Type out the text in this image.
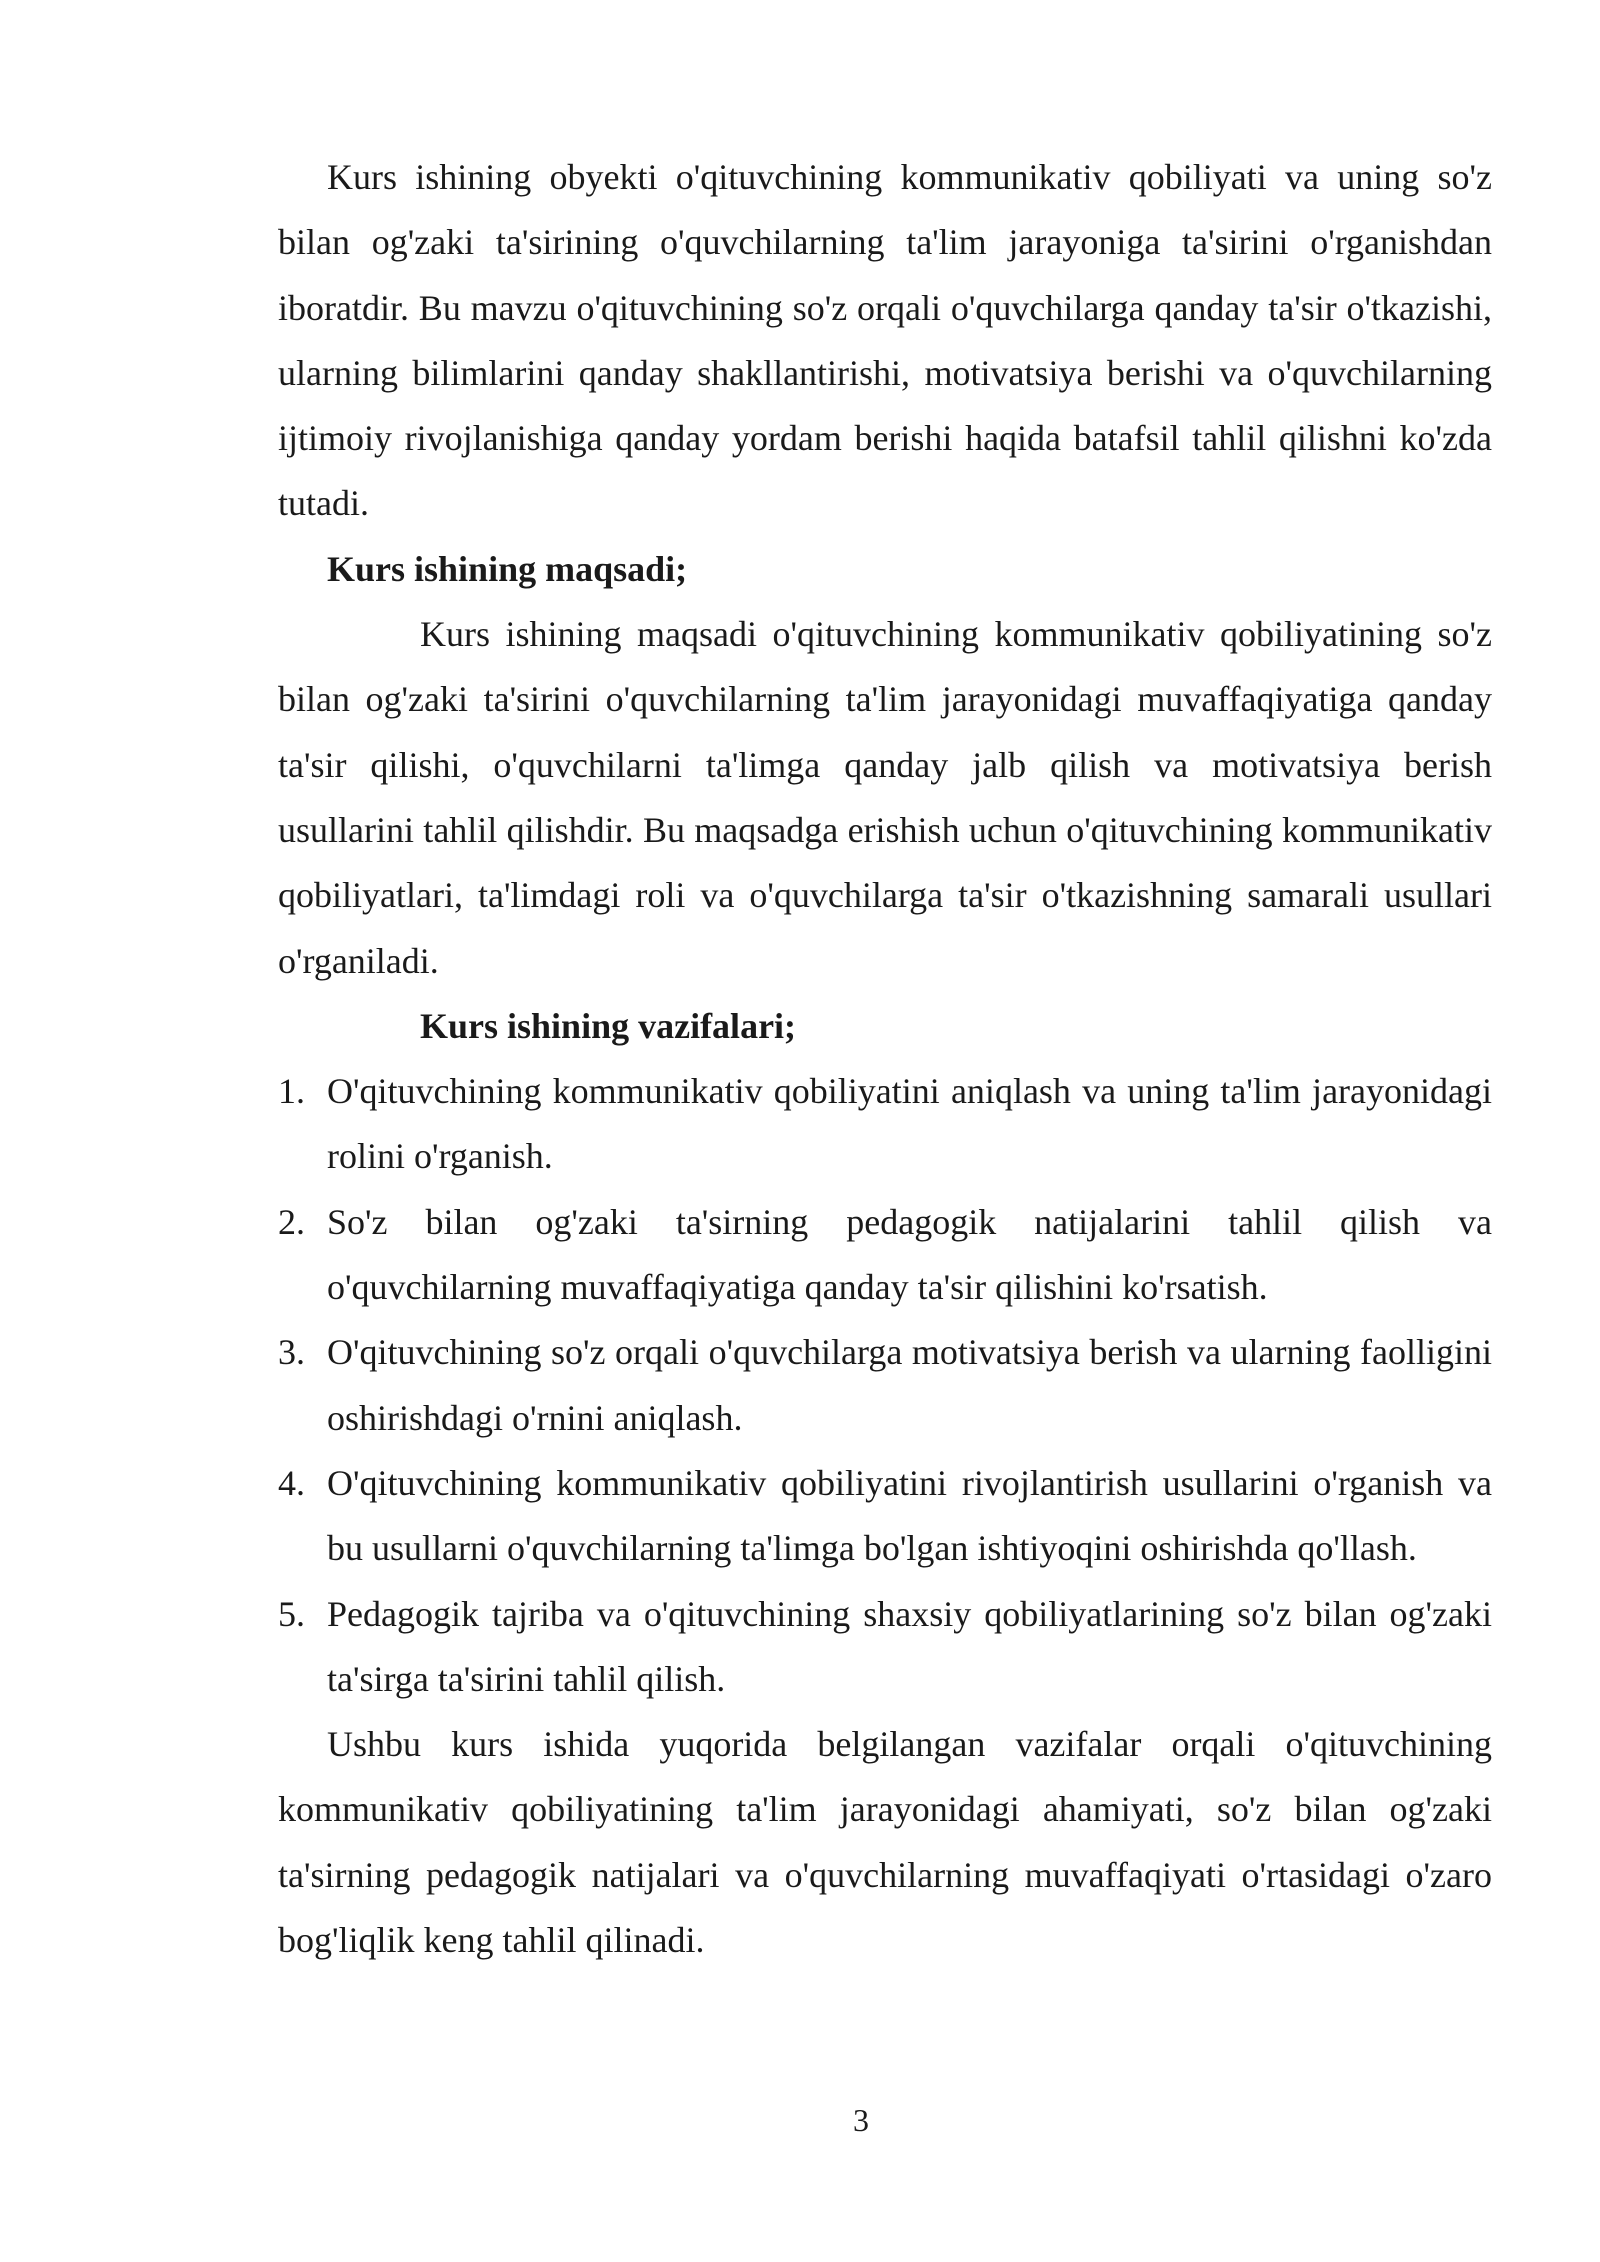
Kurs ishining obyekti o'qituvchining kommunikativ qobiliyati va uning so'z bilan og'zaki ta'sirining o'quvchilarning ta'lim jarayoniga ta'sirini o'rganishdan iboratdir. Bu mavzu o'qituvchining so'z orqali o'quvchilarga qanday ta'sir o'tkazishi, ularning bilimlarini qanday shakllantirishi, motivatsiya berishi va o'quvchilarning ijtimoiy rivojlanishiga qanday yordam berishi haqida batafsil tahlil qilishni ko'zda tutadi.

Kurs ishining maqsadi;

Kurs ishining maqsadi o'qituvchining kommunikativ qobiliyatining so'z bilan og'zaki ta'sirini o'quvchilarning ta'lim jarayonidagi muvaffaqiyatiga qanday ta'sir qilishi, o'quvchilarni ta'limga qanday jalb qilish va motivatsiya berish usullarini tahlil qilishdir. Bu maqsadga erishish uchun o'qituvchining kommunikativ qobiliyatlari, ta'limdagi roli va o'quvchilarga ta'sir o'tkazishning samarali usullari o'rganiladi.

Kurs ishining vazifalari;

1. O'qituvchining kommunikativ qobiliyatini aniqlash va uning ta'lim jarayonidagi rolini o'rganish.
2. So'z bilan og'zaki ta'sirning pedagogik natijalarini tahlil qilish va o'quvchilarning muvaffaqiyatiga qanday ta'sir qilishini ko'rsatish.
3. O'qituvchining so'z orqali o'quvchilarga motivatsiya berish va ularning faolligini oshirishdagi o'rnini aniqlash.
4. O'qituvchining kommunikativ qobiliyatini rivojlantirish usullarini o'rganish va bu usullarni o'quvchilarning ta'limga bo'lgan ishtiyoqini oshirishda qo'llash.
5. Pedagogik tajriba va o'qituvchining shaxsiy qobiliyatlarining so'z bilan og'zaki ta'sirga ta'sirini tahlil qilish.

Ushbu kurs ishida yuqorida belgilangan vazifalar orqali o'qituvchining kommunikativ qobiliyatining ta'lim jarayonidagi ahamiyati, so'z bilan og'zaki ta'sirning pedagogik natijalari va o'quvchilarning muvaffaqiyati o'rtasidagi o'zaro bog'liqlik keng tahlil qilinadi.

3
